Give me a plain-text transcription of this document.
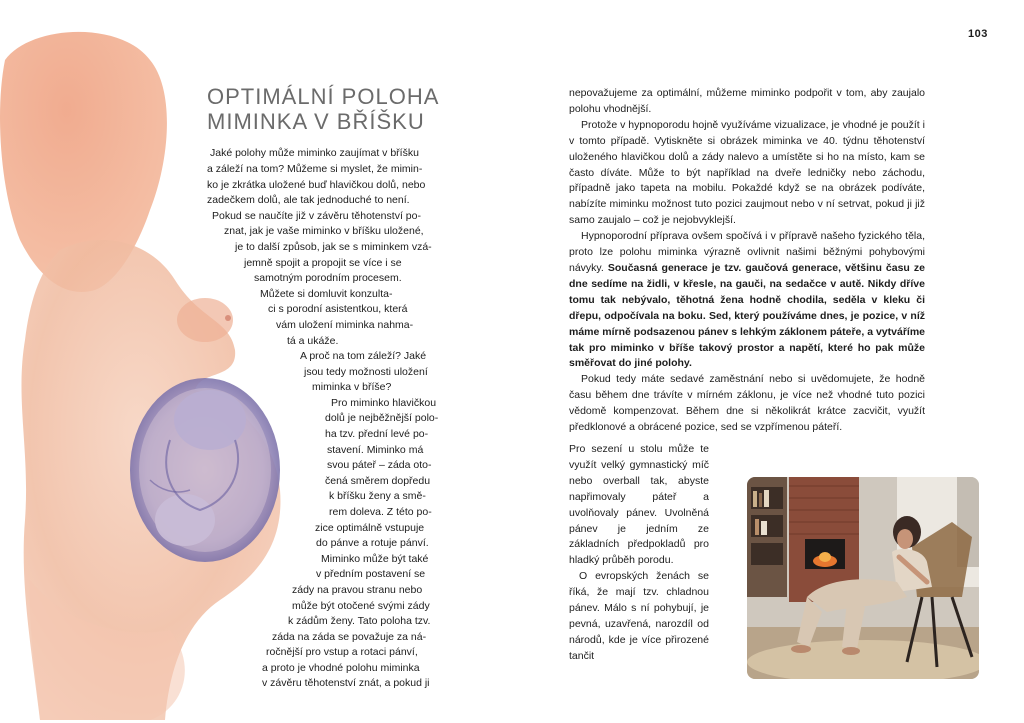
103
OPTIMÁLNÍ POLOHA
MIMINKA V BŘÍŠKU

Jaké polohy může miminko zaujímat v bříšku

a záleží na tom? Můžeme si myslet, že mimin-

ko je zkrátka uložené buď hlavičkou dolů, nebo

zadečkem dolů, ale tak jednoduché to není.

Pokud se naučíte již v závěru těhotenství po-

znat, jak je vaše miminko v bříšku uložené,

je to další způsob, jak se s miminkem vzá-

jemně spojit a propojit se více i se

samotným porodním procesem.

Můžete si domluvit konzulta-

ci s porodní asistentkou, která

vám uložení miminka nahma-

tá a ukáže.

A proč na tom záleží? Jaké

jsou tedy možnosti uložení

miminka v bříše?

Pro miminko hlavičkou

dolů je nejběžnější polo-

ha tzv. přední levé po-

stavení. Miminko má

svou páteř – záda oto-

čená směrem dopředu

k bříšku ženy a smě-

rem doleva. Z této po-

zice optimálně vstupuje

do pánve a rotuje pánví.

Miminko může být také

v předním postavení se

zády na pravou stranu nebo

může být otočené svými zády

k zádům ženy. Tato poloha tzv.

záda na záda se považuje za ná-

ročnější pro vstup a rotaci pánví,

a proto je vhodné polohu miminka

v závěru těhotenství znát, a pokud ji

nepovažujeme za optimální, můžeme miminko podpořit v tom, aby zaujalo polohu vhodnější.

Protože v hypnoporodu hojně využíváme vizualizace, je vhodné je použít i v tomto případě. Vytiskněte si obrázek miminka ve 40. týdnu těhotenství uloženého hlavičkou dolů a zády nalevo a umístěte si ho na místo, kam se často díváte. Může to být například na dveře ledničky nebo záchodu, případně jako tapeta na mobilu. Pokaždé když se na obrázek podíváte, nabízíte miminku možnost tuto pozici zaujmout nebo v ní setrvat, pokud ji již samo zaujalo – což je nejobvyklejší.

Hypnoporodní příprava ovšem spočívá i v přípravě našeho fyzického těla, proto lze polohu miminka výrazně ovlivnit našimi běžnými pohybovými návyky. Současná generace je tzv. gaučová generace, většinu času ze dne sedíme na židli, v křesle, na gauči, na sedačce v autě. Nikdy dříve tomu tak nebývalo, těhotná žena hodně chodila, seděla v kleku či dřepu, odpočívala na boku. Sed, který používáme dnes, je pozice, v níž máme mírně podsazenou pánev s lehkým záklonem páteře, a vytváříme tak pro miminko v bříše takový prostor a napětí, které ho pak může směřovat do jiné polohy.

Pokud tedy máte sedavé zaměstnání nebo si uvědomujete, že hodně času během dne trávíte v mírném záklonu, je více než vhodné tuto pozici vědomě kompenzovat. Během dne si několikrát krátce zacvičit, využít předklonové a obrácené pozice, sed se vzpřímenou páteří.

Pro sezení u stolu může te využít velký gymnastický míč nebo overball tak, abyste napřimovaly páteř a uvolňovaly pánev. Uvolněná pánev je jedním ze základních předpokladů pro hladký průběh porodu.

O evropských ženách se říká, že mají tzv. chladnou pánev. Málo s ní pohybují, je pevná, uzavřená, narozdíl od národů, kde je více přirozené tančit
